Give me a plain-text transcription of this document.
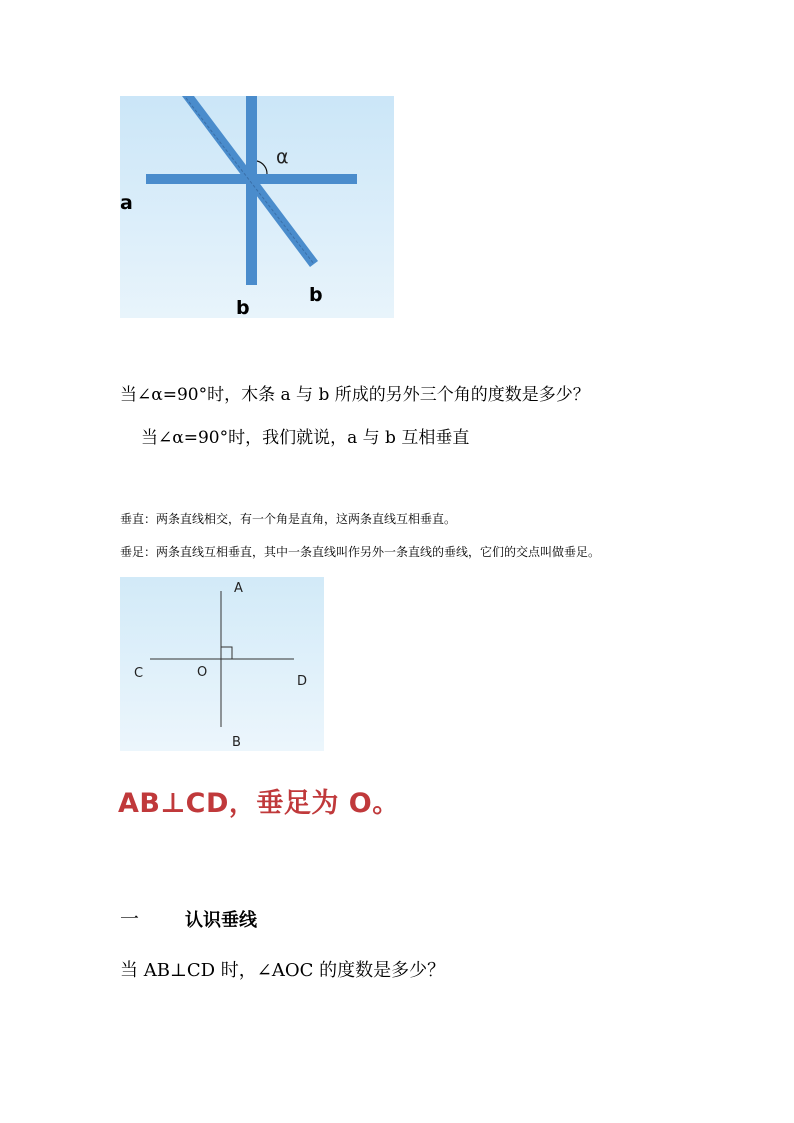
α
a
b
b
当∠α=90°时，木条 a 与 b 所成的另外三个角的度数是多少？
当∠α=90°时，我们就说，a 与 b 互相垂直
垂直：两条直线相交，有一个角是直角，这两条直线互相垂直。
垂足：两条直线互相垂直，其中一条直线叫作另外一条直线的垂线，它们的交点叫做垂足。
A
B
C
D
O
AB⊥CD，垂足为 O。
一	认识垂线
当 AB⊥CD 时，∠AOC 的度数是多少？
